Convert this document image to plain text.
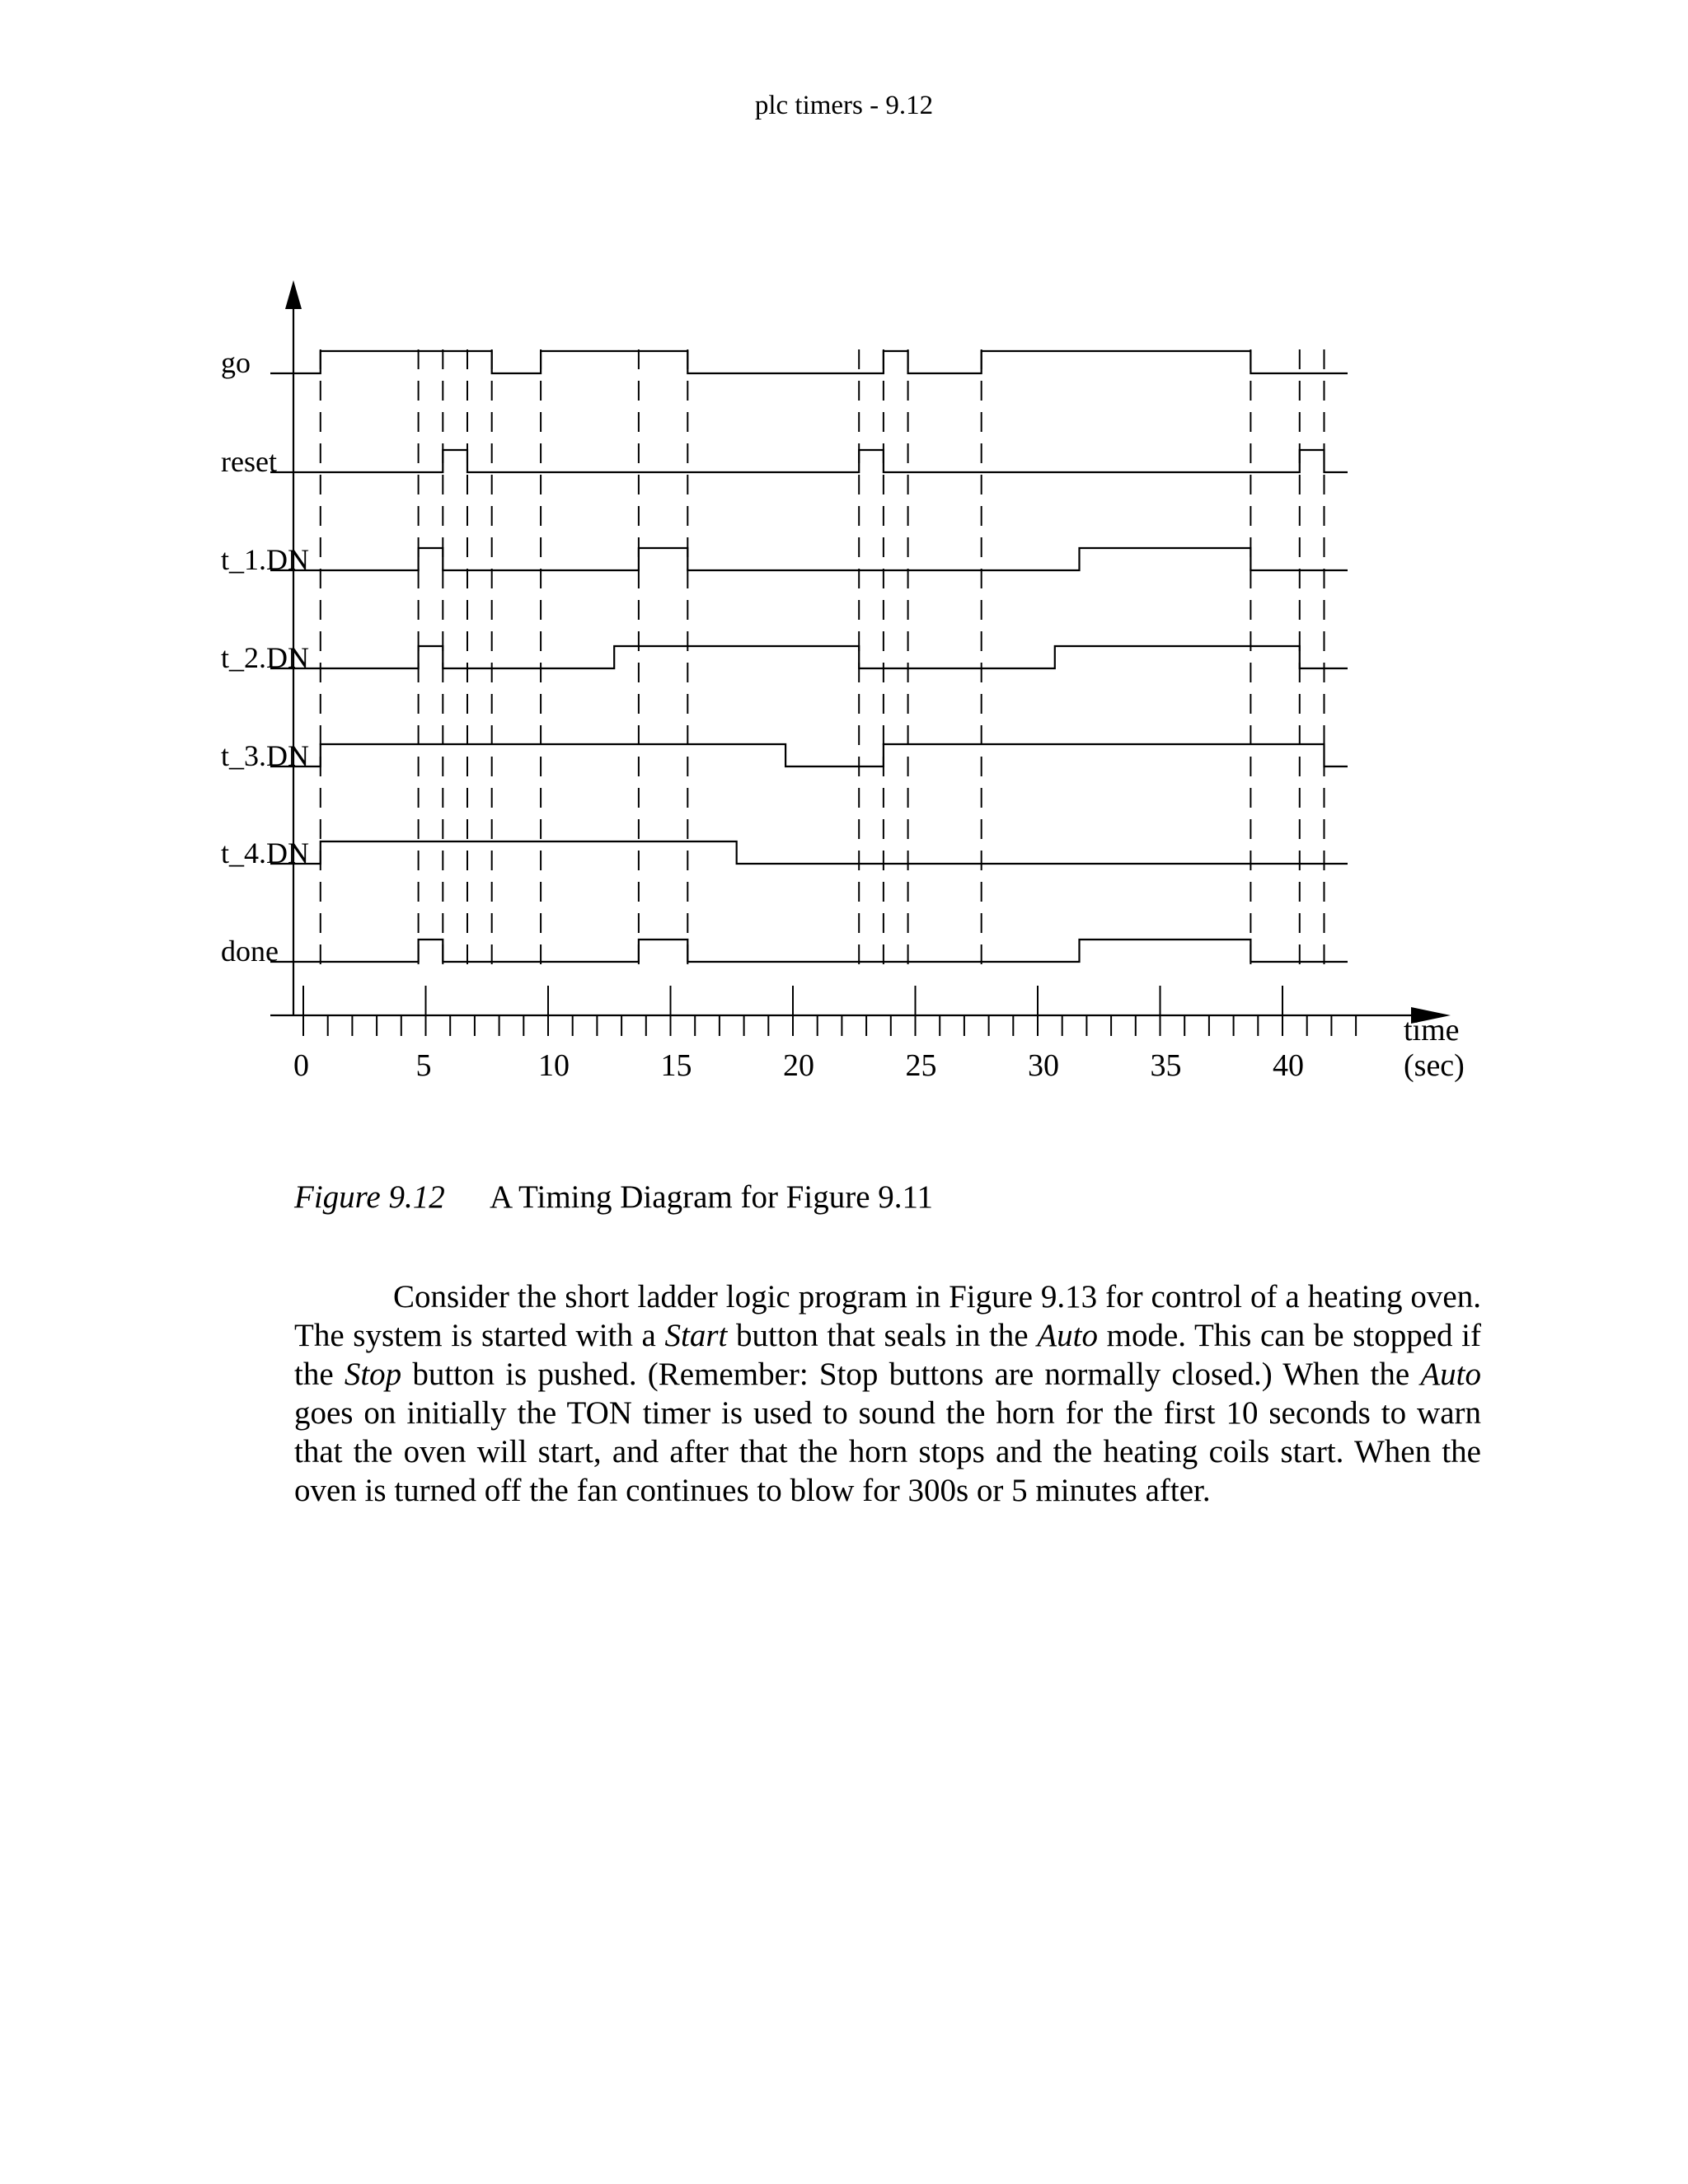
plc timers - 9.12
go
reset
t_1.DN
t_2.DN
t_3.DN
t_4.DN
done
0	5	10	15	20	25	30	35	40
time
(sec)
Figure 9.12 A Timing Diagram for Figure 9.11

Consider the short ladder logic program in Figure 9.13 for control of a heating oven. The system is started with a Start button that seals in the Auto mode. This can be stopped if the Stop button is pushed. (Remember: Stop buttons are normally closed.) When the Auto goes on initially the TON timer is used to sound the horn for the first 10 seconds to warn that the oven will start, and after that the horn stops and the heating coils start. When the oven is turned off the fan continues to blow for 300s or 5 minutes after.
